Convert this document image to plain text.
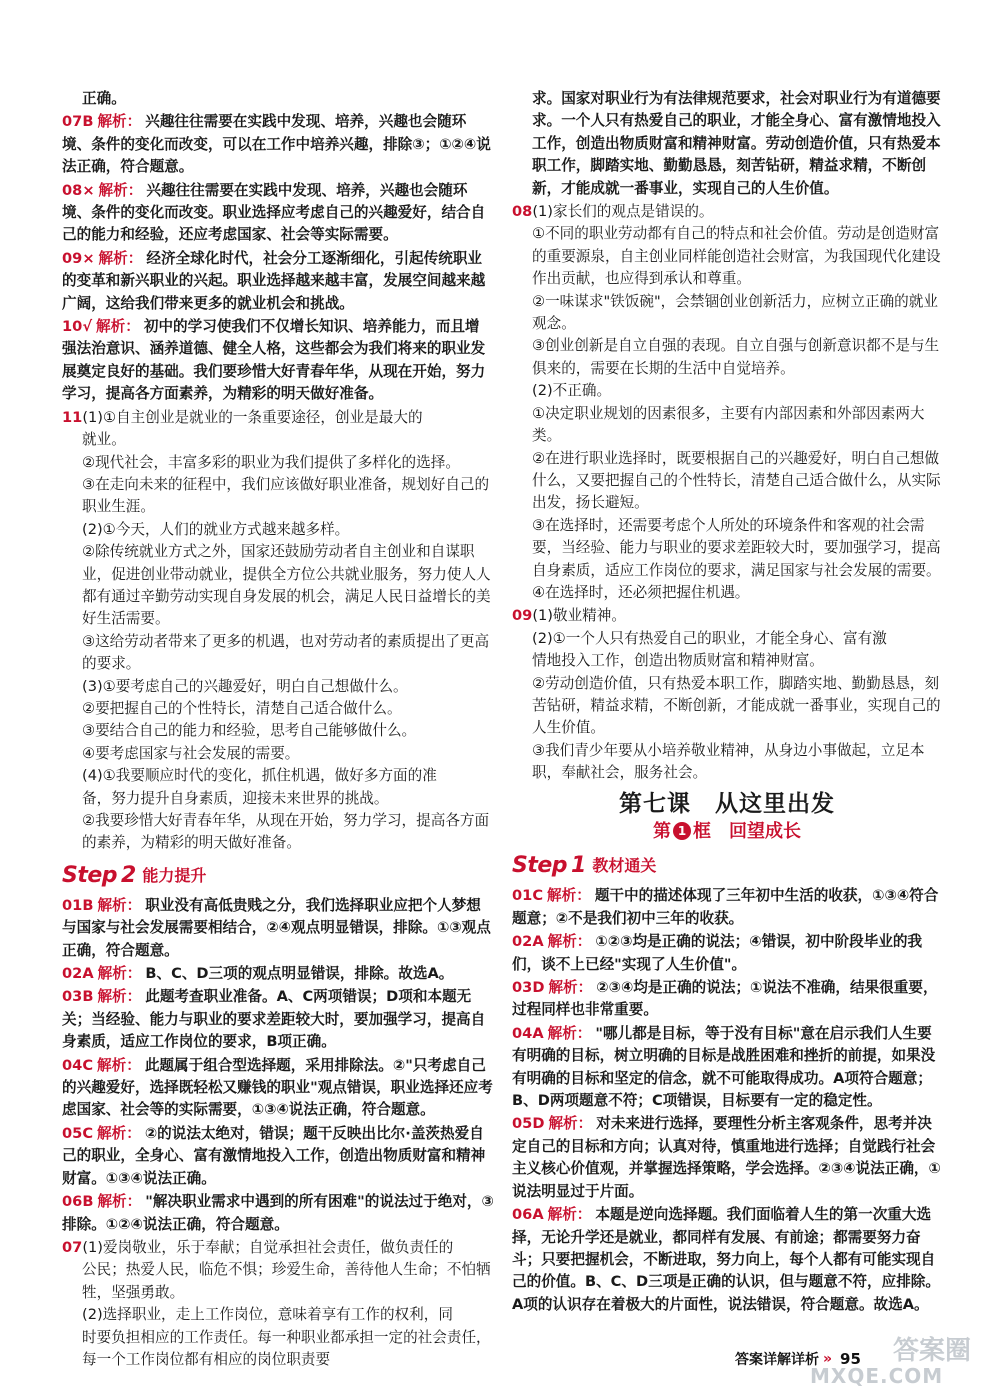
正确。
07B 解析： 兴趣往往需要在实践中发现、培养，兴趣也会随环境、条件的变化而改变，可以在工作中培养兴趣，排除③；①②④说法正确，符合题意。
08× 解析： 兴趣往往需要在实践中发现、培养，兴趣也会随环境、条件的变化而改变。职业选择应考虑自己的兴趣爱好，结合自己的能力和经验，还应考虑国家、社会等实际需要。
09× 解析： 经济全球化时代，社会分工逐渐细化，引起传统职业的变革和新兴职业的兴起。职业选择越来越丰富，发展空间越来越广阔，这给我们带来更多的就业机会和挑战。
10√ 解析： 初中的学习使我们不仅增长知识、培养能力，而且增强法治意识、涵养道德、健全人格，这些都会为我们将来的职业发展奠定良好的基础。我们要珍惜大好青春年华，从现在开始，努力学习，提高各方面素养，为精彩的明天做好准备。
11(1)①自主创业是就业的一条重要途径，创业是最大的
就业。
②现代社会，丰富多彩的职业为我们提供了多样化的选择。
③在走向未来的征程中，我们应该做好职业准备，规划好自己的职业生涯。
(2)①今天，人们的就业方式越来越多样。
②除传统就业方式之外，国家还鼓励劳动者自主创业和自谋职业，促进创业带动就业，提供全方位公共就业服务，努力使人人都有通过辛勤劳动实现自身发展的机会，满足人民日益增长的美好生活需要。
③这给劳动者带来了更多的机遇，也对劳动者的素质提出了更高的要求。
(3)①要考虑自己的兴趣爱好，明白自己想做什么。
②要把握自己的个性特长，清楚自己适合做什么。
③要结合自己的能力和经验，思考自己能够做什么。
④要考虑国家与社会发展的需要。
(4)①我要顺应时代的变化，抓住机遇，做好多方面的准
备，努力提升自身素质，迎接未来世界的挑战。
②我要珍惜大好青春年华，从现在开始，努力学习，提高各方面的素养，为精彩的明天做好准备。
Step 2 能力提升
01B 解析： 职业没有高低贵贱之分，我们选择职业应把个人梦想与国家与社会发展需要相结合，②④观点明显错误，排除。①③观点正确，符合题意。
02A 解析： B、C、D三项的观点明显错误，排除。故选A。
03B 解析： 此题考查职业准备。A、C两项错误；D项和本题无关；当经验、能力与职业的要求差距较大时，要加强学习，提高自身素质，适应工作岗位的要求，B项正确。
04C 解析： 此题属于组合型选择题，采用排除法。②"只考虑自己的兴趣爱好，选择既轻松又赚钱的职业"观点错误，职业选择还应考虑国家、社会等的实际需要，①③④说法正确，符合题意。
05C 解析： ②的说法太绝对，错误；题干反映出比尔·盖茨热爱自己的职业，全身心、富有激情地投入工作，创造出物质财富和精神财富。①③④说法正确。
06B 解析： "解决职业需求中遇到的所有困难"的说法过于绝对，③排除。①②④说法正确，符合题意。
07(1)爱岗敬业，乐于奉献；自觉承担社会责任，做负责任的
公民；热爱人民，临危不惧；珍爱生命，善待他人生命；不怕牺牲，坚强勇敢。
(2)选择职业，走上工作岗位，意味着享有工作的权利，同
时要负担相应的工作责任。每一种职业都承担一定的社会责任，每一个工作岗位都有相应的岗位职责要
求。国家对职业行为有法律规范要求，社会对职业行为有道德要求。一个人只有热爱自己的职业，才能全身心、富有激情地投入工作，创造出物质财富和精神财富。劳动创造价值，只有热爱本职工作，脚踏实地、勤勤恳恳，刻苦钻研，精益求精，不断创新，才能成就一番事业，实现自己的人生价值。
08(1)家长们的观点是错误的。
①不同的职业劳动都有自己的特点和社会价值。劳动是创造财富的重要源泉，自主创业同样能创造社会财富，为我国现代化建设作出贡献，也应得到承认和尊重。
②一味谋求"铁饭碗"，会禁锢创业创新活力，应树立正确的就业观念。
③创业创新是自立自强的表现。自立自强与创新意识都不是与生俱来的，需要在长期的生活中自觉培养。
(2)不正确。
①决定职业规划的因素很多，主要有内部因素和外部因素两大类。
②在进行职业选择时，既要根据自己的兴趣爱好，明白自己想做什么，又要把握自己的个性特长，清楚自己适合做什么，从实际出发，扬长避短。
③在选择时，还需要考虑个人所处的环境条件和客观的社会需要，当经验、能力与职业的要求差距较大时，要加强学习，提高自身素质，适应工作岗位的要求，满足国家与社会发展的需要。
④在选择时，还必须把握住机遇。
09(1)敬业精神。
(2)①一个人只有热爱自己的职业，才能全身心、富有激
情地投入工作，创造出物质财富和精神财富。
②劳动创造价值，只有热爱本职工作，脚踏实地、勤勤恳恳，刻苦钻研，精益求精，不断创新，才能成就一番事业，实现自己的人生价值。
③我们青少年要从小培养敬业精神，从身边小事做起，立足本职，奉献社会，服务社会。
第七课　从这里出发
第 1 框　回望成长
Step 1 教材通关
01C 解析： 题干中的描述体现了三年初中生活的收获，①③④符合题意；②不是我们初中三年的收获。
02A 解析： ①②③均是正确的说法；④错误，初中阶段毕业的我们，谈不上已经"实现了人生价值"。
03D 解析： ②③④均是正确的说法；①说法不准确，结果很重要，过程同样也非常重要。
04A 解析： "哪儿都是目标，等于没有目标"意在启示我们人生要有明确的目标，树立明确的目标是战胜困难和挫折的前提，如果没有明确的目标和坚定的信念，就不可能取得成功。A项符合题意；B、D两项题意不符；C项错误，目标要有一定的稳定性。
05D 解析： 对未来进行选择，要理性分析主客观条件，思考并决定自己的目标和方向；认真对待，慎重地进行选择；自觉践行社会主义核心价值观，并掌握选择策略，学会选择。②③④说法正确，①说法明显过于片面。
06A 解析： 本题是逆向选择题。我们面临着人生的第一次重大选择，无论升学还是就业，都同样有发展、有前途；都需要努力奋斗；只要把握机会，不断进取，努力向上，每个人都有可能实现自己的价值。B、C、D三项是正确的认识，但与题意不符，应排除。A项的认识存在着极大的片面性，说法错误，符合题意。故选A。
答案详解详析 » 95 答案圈
MXQE.COM
